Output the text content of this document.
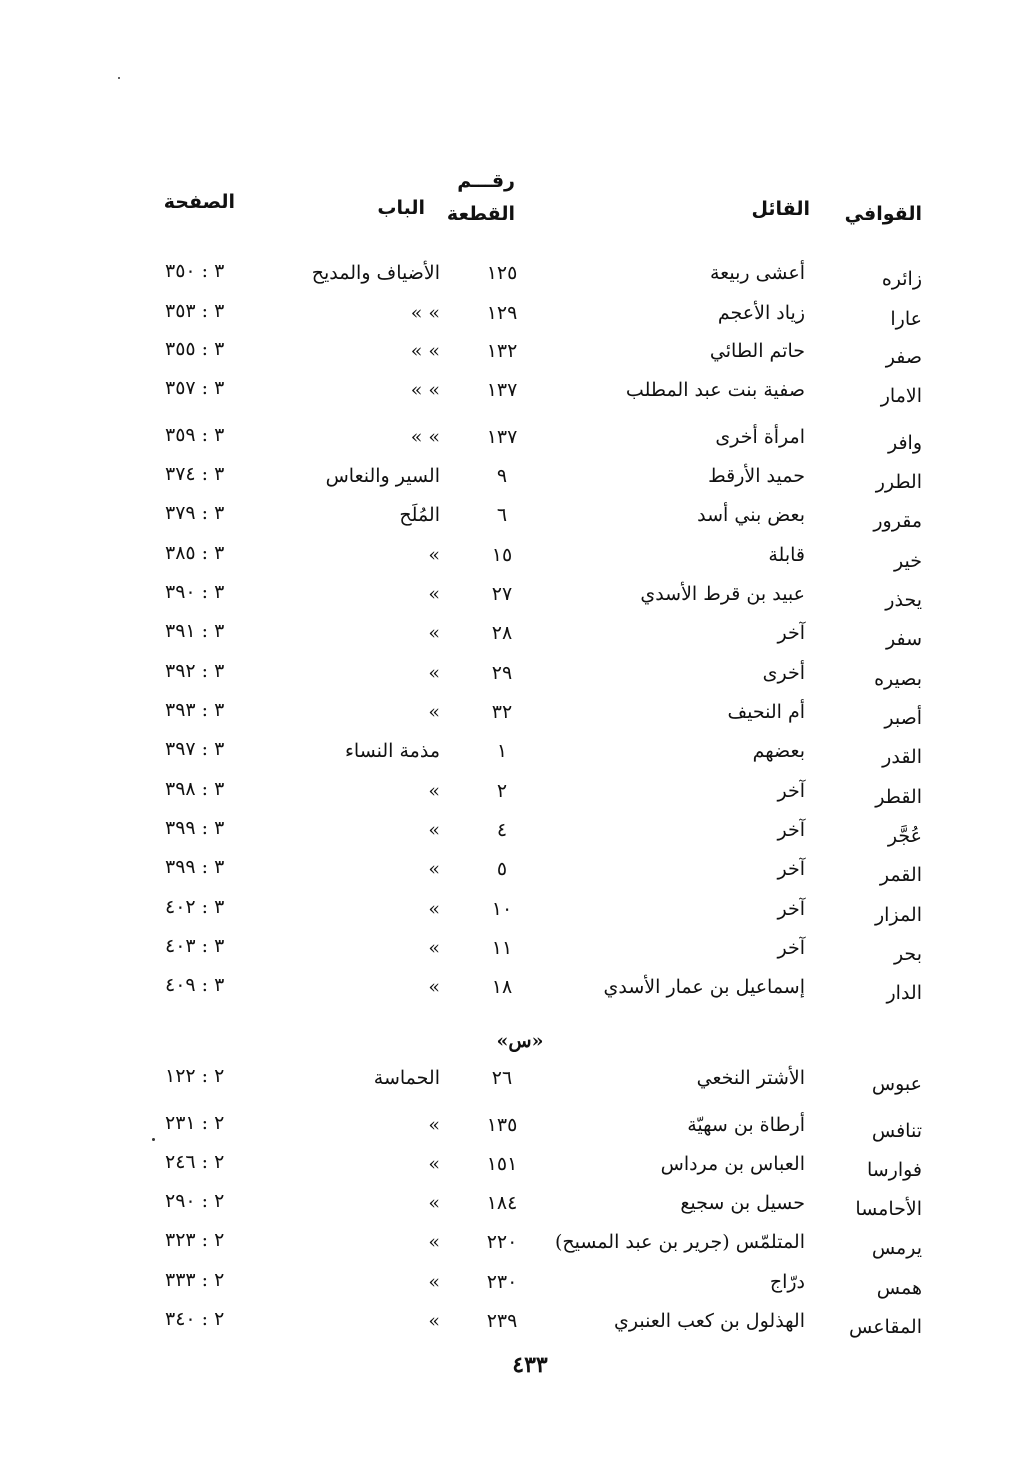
القوافي
القائل
رقـــم
القطعة
الباب
الصفحة
زائره
أعشى ربيعة
١٢٥
الأضياف والمديح
٣ : ٣٥٠
عارا
زياد الأعجم
١٢٩
» »
٣ : ٣٥٣
صفر
حاتم الطائي
١٣٢
» »
٣ : ٣٥٥
الامار
صفية بنت عبد المطلب
١٣٧
» »
٣ : ٣٥٧
وافر
امرأة أخرى
١٣٧
» »
٣ : ٣٥٩
الطرر
حميد الأرقط
٩
السير والنعاس
٣ : ٣٧٤
مقرور
بعض بني أسد
٦
المُلَح
٣ : ٣٧٩
خير
قابلة
١٥
»
٣ : ٣٨٥
يحذر
عبيد بن قرط الأسدي
٢٧
»
٣ : ٣٩٠
سفر
آخر
٢٨
»
٣ : ٣٩١
بصيره
أخرى
٢٩
»
٣ : ٣٩٢
أصبر
أم النحيف
٣٢
»
٣ : ٣٩٣
القدر
بعضهم
١
مذمة النساء
٣ : ٣٩٧
القطر
آخر
٢
»
٣ : ٣٩٨
عُجَّر
آخر
٤
»
٣ : ٣٩٩
القمر
آخر
٥
»
٣ : ٣٩٩
المزار
آخر
١٠
»
٣ : ٤٠٢
بحر
آخر
١١
»
٣ : ٤٠٣
الدار
إسماعيل بن عمار الأسدي
١٨
»
٣ : ٤٠٩
«س»
عبوس
الأشتر النخعي
٢٦
الحماسة
٢ : ١٢٢
تنافس
أرطاة بن سهيّة
١٣٥
»
٢ : ٢٣١
فوارسا
العباس بن مرداس
١٥١
»
٢ : ٢٤٦
الأحامسا
حسيل بن سجيع
١٨٤
»
٢ : ٢٩٠
يرمس
المتلمّس (جرير بن عبد المسيح)
٢٢٠
»
٢ : ٣٢٣
همس
درّاج
٢٣٠
»
٢ : ٣٣٣
المقاعس
الهذلول بن كعب العنبري
٢٣٩
»
٢ : ٣٤٠
٤٣٣
